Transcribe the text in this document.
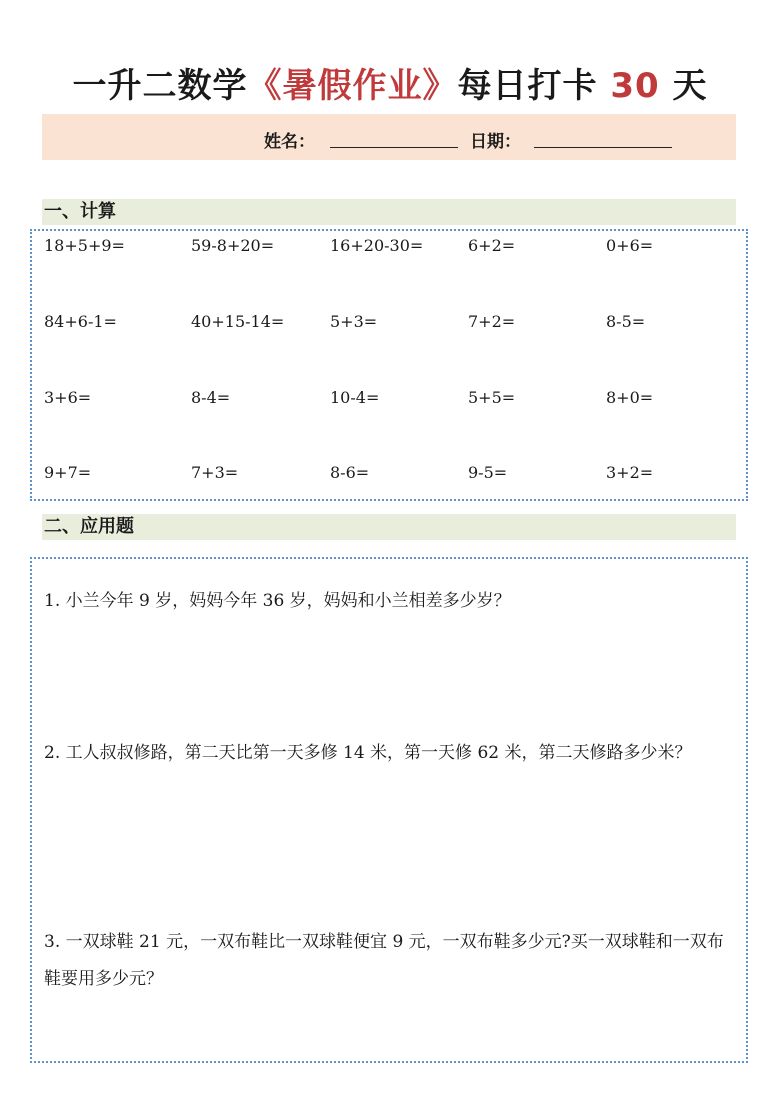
一升二数学《暑假作业》每日打卡 30 天
姓名：	日期：
一、计算
18+5+9=	59-8+20=	16+20-30=	6+2=	0+6=
84+6-1=	40+15-14=	5+3=	7+2=	8-5=
3+6=	8-4=	10-4=	5+5=	8+0=
9+7=	7+3=	8-6=	9-5=	3+2=
二、应用题
1. 小兰今年 9 岁，妈妈今年 36 岁，妈妈和小兰相差多少岁？
2. 工人叔叔修路，第二天比第一天多修 14 米，第一天修 62 米，第二天修路多少米？
3. 一双球鞋 21 元，一双布鞋比一双球鞋便宜 9 元，一双布鞋多少元?买一双球鞋和一双布鞋要用多少元？
